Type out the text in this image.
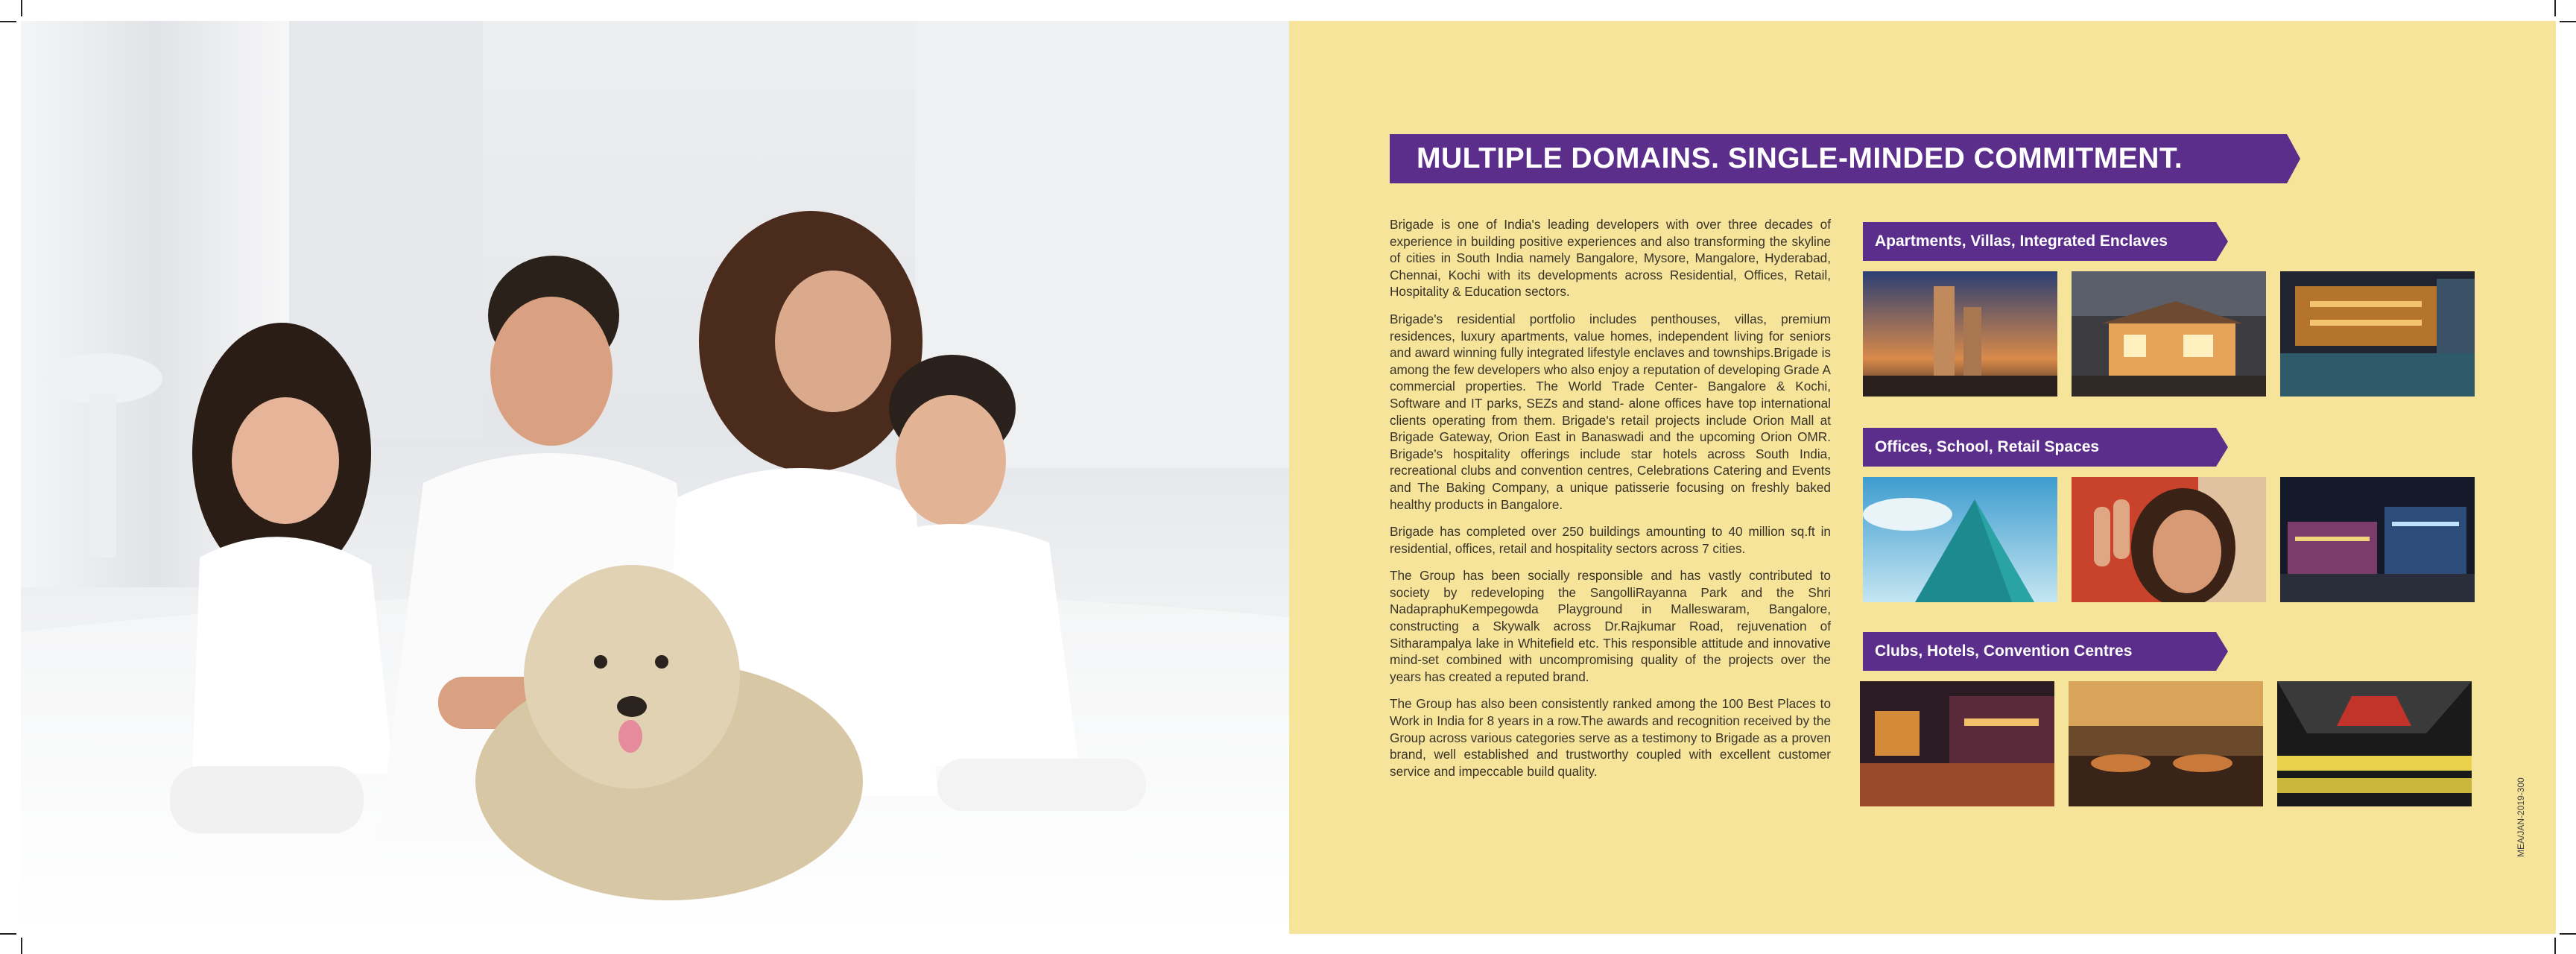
MULTIPLE DOMAINS. SINGLE-MINDED COMMITMENT.

Brigade is one of India's leading developers with over three decades of experience in building positive experiences and also transforming the skyline of cities in South India namely Bangalore, Mysore, Mangalore, Hyderabad, Chennai, Kochi with its developments across Residential, Offices, Retail, Hospitality & Education sectors.

Brigade's residential portfolio includes penthouses, villas, premium residences, luxury apartments, value homes, independent living for seniors and award winning fully integrated lifestyle enclaves and townships.Brigade is among the few developers who also enjoy a reputation of developing Grade A commercial properties. The World Trade Center- Bangalore & Kochi, Software and IT parks, SEZs and stand- alone offices have top international clients operating from them. Brigade's retail projects include Orion Mall at Brigade Gateway, Orion East in Banaswadi and the upcoming Orion OMR. Brigade's hospitality offerings include star hotels across South India, recreational clubs and convention centres, Celebrations Catering and Events and The Baking Company, a unique patisserie focusing on freshly baked healthy products in Bangalore.

Brigade has completed over 250 buildings amounting to 40 million sq.ft in residential, offices, retail and hospitality sectors across 7 cities.

The Group has been socially responsible and has vastly contributed to society by redeveloping the SangolliRayanna Park and the Shri NadapraphuKempegowda Playground in Malleswaram, Bangalore, constructing a Skywalk across Dr.Rajkumar Road, rejuvenation of Sitharampalya lake in Whitefield etc. This responsible attitude and innovative mind-set combined with uncompromising quality of the projects over the years has created a reputed brand.

The Group has also been consistently ranked among the 100 Best Places to Work in India for 8 years in a row.The awards and recognition received by the Group across various categories serve as a testimony to Brigade as a proven brand, well established and trustworthy coupled with excellent customer service and impeccable build quality.

Apartments, Villas, Integrated Enclaves
Offices, School, Retail Spaces
Clubs, Hotels, Convention Centres
